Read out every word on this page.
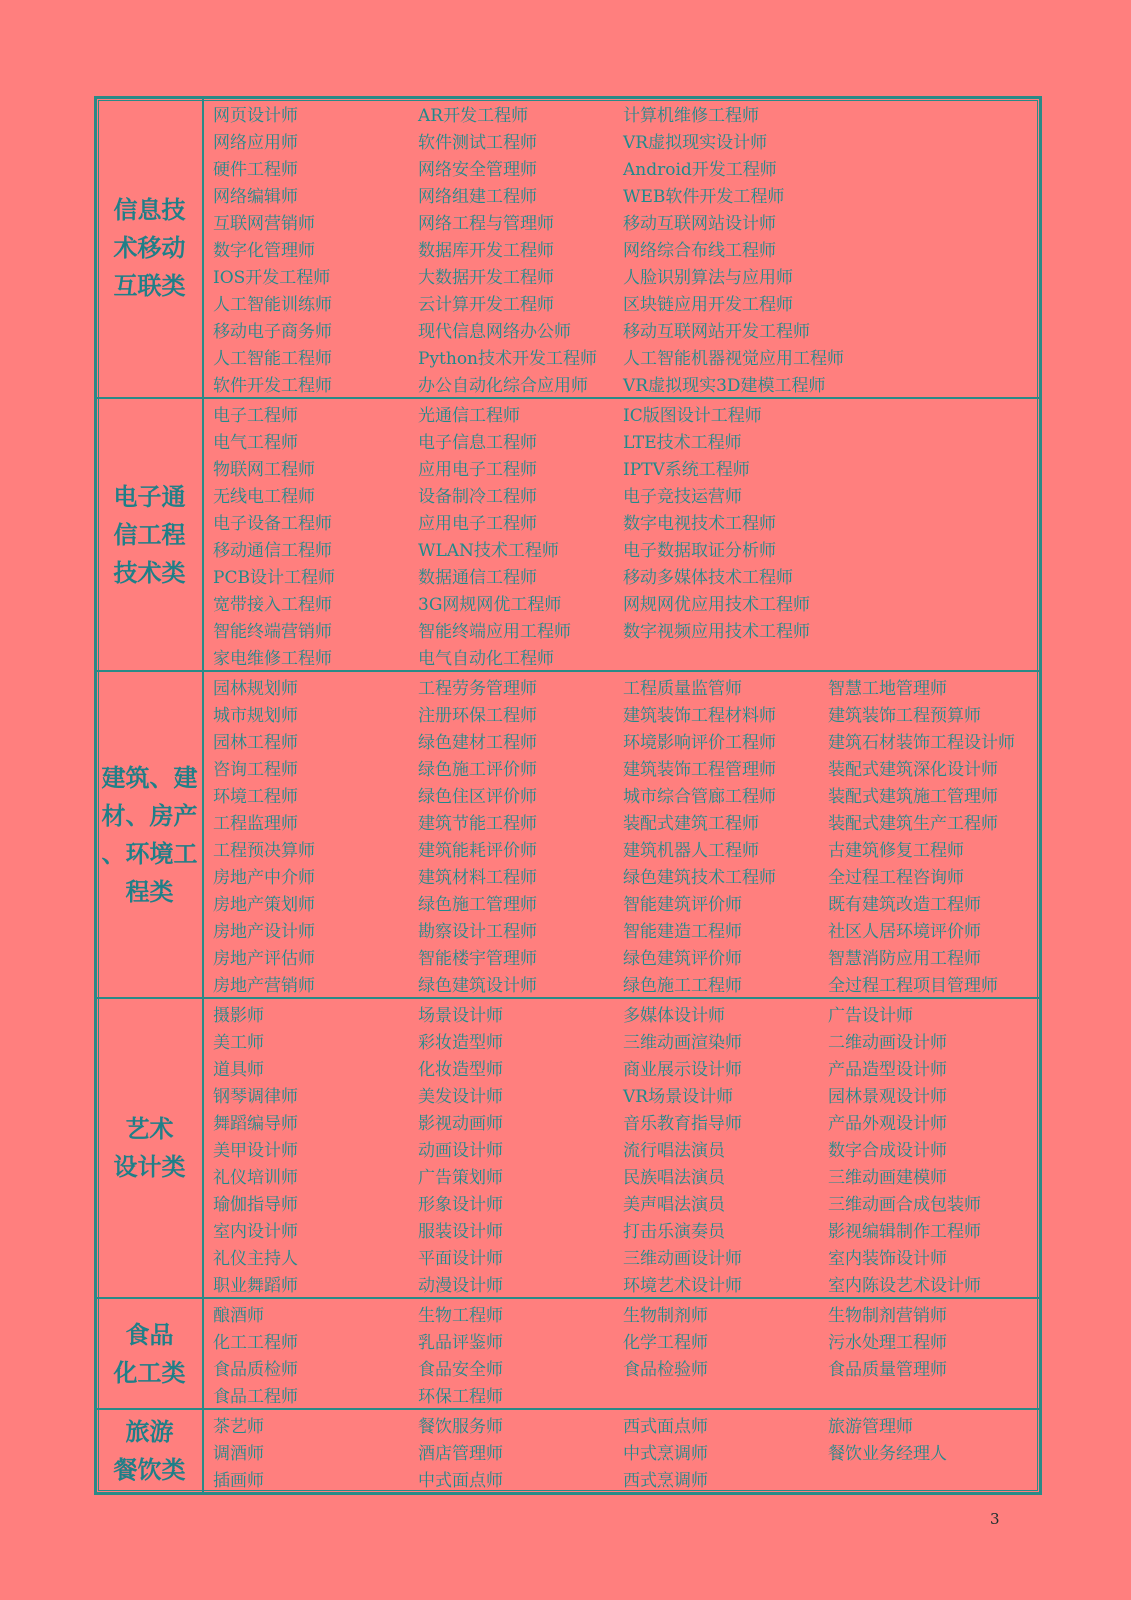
信息技
术移动
互联类
网页设计师	AR开发工程师	计算机维修工程师
网络应用师	软件测试工程师	VR虚拟现实设计师
硬件工程师	网络安全管理师	Android开发工程师
网络编辑师	网络组建工程师	WEB软件开发工程师
互联网营销师	网络工程与管理师	移动互联网站设计师
数字化管理师	数据库开发工程师	网络综合布线工程师
IOS开发工程师	大数据开发工程师	人脸识别算法与应用师
人工智能训练师	云计算开发工程师	区块链应用开发工程师
移动电子商务师	现代信息网络办公师	移动互联网站开发工程师
人工智能工程师	Python技术开发工程师	人工智能机器视觉应用工程师
软件开发工程师	办公自动化综合应用师	VR虚拟现实3D建模工程师
电子通
信工程
技术类
电子工程师	光通信工程师	IC版图设计工程师
电气工程师	电子信息工程师	LTE技术工程师
物联网工程师	应用电子工程师	IPTV系统工程师
无线电工程师	设备制冷工程师	电子竞技运营师
电子设备工程师	应用电子工程师	数字电视技术工程师
移动通信工程师	WLAN技术工程师	电子数据取证分析师
PCB设计工程师	数据通信工程师	移动多媒体技术工程师
宽带接入工程师	3G网规网优工程师	网规网优应用技术工程师
智能终端营销师	智能终端应用工程师	数字视频应用技术工程师
家电维修工程师	电气自动化工程师
建筑、建
材、房产
、环境工
程类
园林规划师	工程劳务管理师	工程质量监管师	智慧工地管理师
城市规划师	注册环保工程师	建筑装饰工程材料师	建筑装饰工程预算师
园林工程师	绿色建材工程师	环境影响评价工程师	建筑石材装饰工程设计师
咨询工程师	绿色施工评价师	建筑装饰工程管理师	装配式建筑深化设计师
环境工程师	绿色住区评价师	城市综合管廊工程师	装配式建筑施工管理师
工程监理师	建筑节能工程师	装配式建筑工程师	装配式建筑生产工程师
工程预决算师	建筑能耗评价师	建筑机器人工程师	古建筑修复工程师
房地产中介师	建筑材料工程师	绿色建筑技术工程师	全过程工程咨询师
房地产策划师	绿色施工管理师	智能建筑评价师	既有建筑改造工程师
房地产设计师	勘察设计工程师	智能建造工程师	社区人居环境评价师
房地产评估师	智能楼宇管理师	绿色建筑评价师	智慧消防应用工程师
房地产营销师	绿色建筑设计师	绿色施工工程师	全过程工程项目管理师
艺术
设计类
摄影师	场景设计师	多媒体设计师	广告设计师
美工师	彩妆造型师	三维动画渲染师	二维动画设计师
道具师	化妆造型师	商业展示设计师	产品造型设计师
钢琴调律师	美发设计师	VR场景设计师	园林景观设计师
舞蹈编导师	影视动画师	音乐教育指导师	产品外观设计师
美甲设计师	动画设计师	流行唱法演员	数字合成设计师
礼仪培训师	广告策划师	民族唱法演员	三维动画建模师
瑜伽指导师	形象设计师	美声唱法演员	三维动画合成包装师
室内设计师	服装设计师	打击乐演奏员	影视编辑制作工程师
礼仪主持人	平面设计师	三维动画设计师	室内装饰设计师
职业舞蹈师	动漫设计师	环境艺术设计师	室内陈设艺术设计师
食品
化工类
酿酒师	生物工程师	生物制剂师	生物制剂营销师
化工工程师	乳品评鉴师	化学工程师	污水处理工程师
食品质检师	食品安全师	食品检验师	食品质量管理师
食品工程师	环保工程师
旅游
餐饮类
茶艺师	餐饮服务师	西式面点师	旅游管理师
调酒师	酒店管理师	中式烹调师	餐饮业务经理人
插画师	中式面点师	西式烹调师
3
